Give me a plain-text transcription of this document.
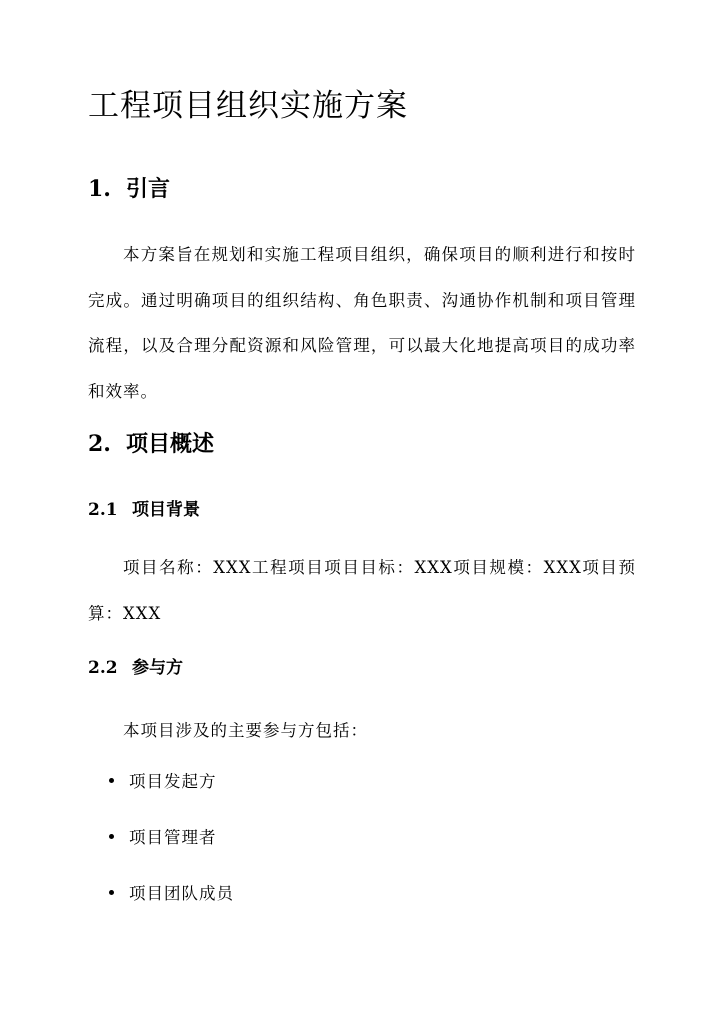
工程项目组织实施方案
1. 引言

本方案旨在规划和实施工程项目组织，确保项目的顺利进行和按时完成。通过明确项目的组织结构、角色职责、沟通协作机制和项目管理流程，以及合理分配资源和风险管理，可以最大化地提高项目的成功率和效率。

2. 项目概述
2.1 项目背景

项目名称：XXX工程项目项目目标：XXX项目规模：XXX项目预算：XXX

2.2 参与方

本项目涉及的主要参与方包括：

项目发起方
项目管理者
项目团队成员
